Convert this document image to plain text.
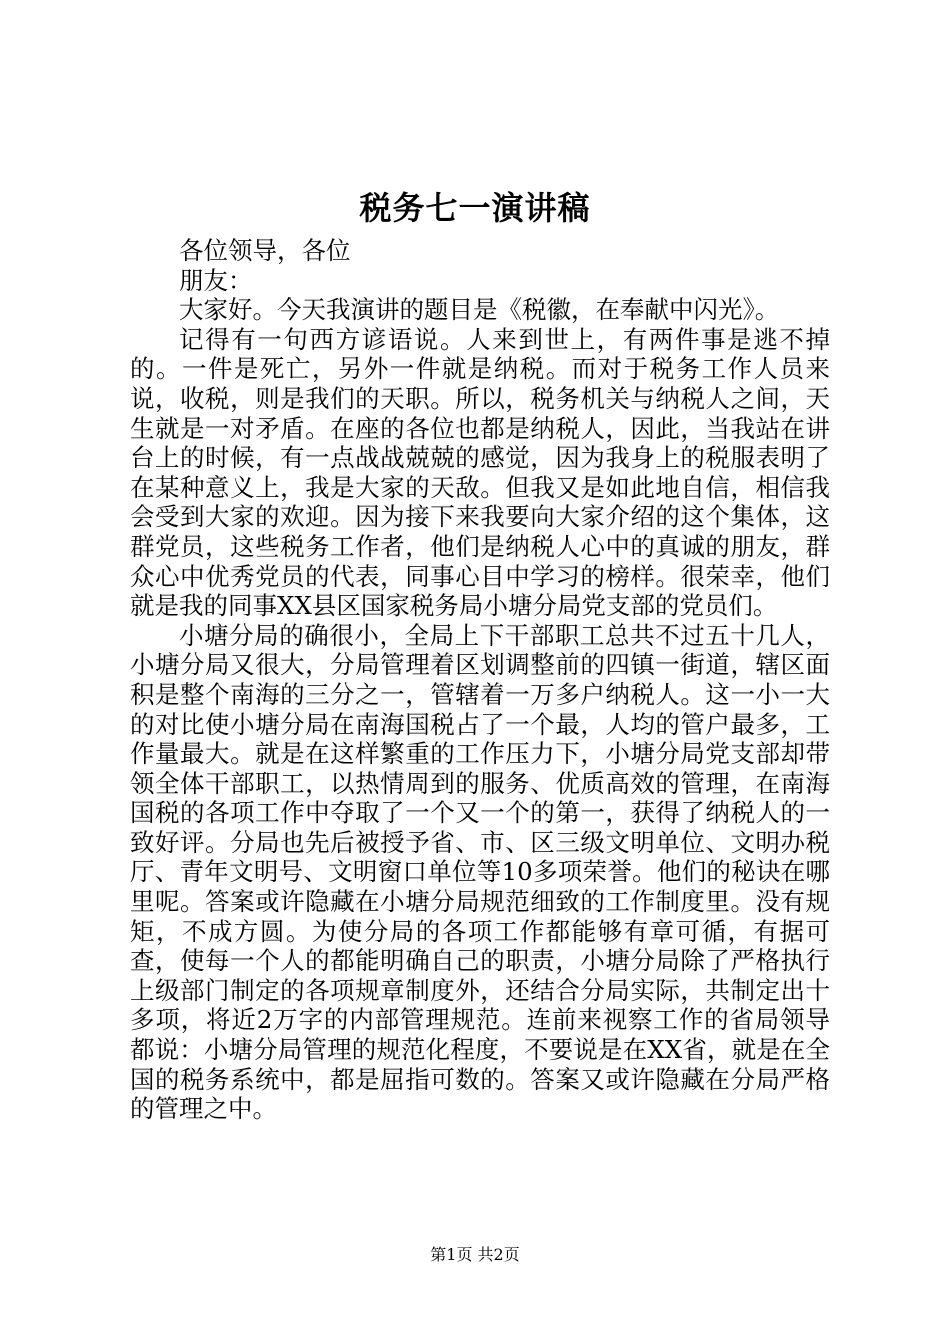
税务七一演讲稿

各位领导，各位

朋友：

大家好。今天我演讲的题目是《税徽，在奉献中闪光》。

记得有一句西方谚语说。人来到世上，有两件事是逃不掉的。一件是死亡，另外一件就是纳税。而对于税务工作人员来说，收税，则是我们的天职。所以，税务机关与纳税人之间，天生就是一对矛盾。在座的各位也都是纳税人，因此，当我站在讲台上的时候，有一点战战兢兢的感觉，因为我身上的税服表明了在某种意义上，我是大家的天敌。但我又是如此地自信，相信我会受到大家的欢迎。因为接下来我要向大家介绍的这个集体，这群党员，这些税务工作者，他们是纳税人心中的真诚的朋友，群众心中优秀党员的代表，同事心目中学习的榜样。很荣幸，他们就是我的同事XX县区国家税务局小塘分局党支部的党员们。

小塘分局的确很小，全局上下干部职工总共不过五十几人，小塘分局又很大，分局管理着区划调整前的四镇一街道，辖区面积是整个南海的三分之一，管辖着一万多户纳税人。这一小一大的对比使小塘分局在南海国税占了一个最，人均的管户最多，工作量最大。就是在这样繁重的工作压力下，小塘分局党支部却带领全体干部职工，以热情周到的服务、优质高效的管理，在南海国税的各项工作中夺取了一个又一个的第一，获得了纳税人的一致好评。分局也先后被授予省、市、区三级文明单位、文明办税厅、青年文明号、文明窗口单位等10多项荣誉。他们的秘诀在哪里呢。答案或许隐藏在小塘分局规范细致的工作制度里。没有规矩，不成方圆。为使分局的各项工作都能够有章可循，有据可查，使每一个人的都能明确自己的职责，小塘分局除了严格执行上级部门制定的各项规章制度外，还结合分局实际，共制定出十多项，将近2万字的内部管理规范。连前来视察工作的省局领导都说：小塘分局管理的规范化程度，不要说是在XX省，就是在全国的税务系统中，都是屈指可数的。答案又或许隐藏在分局严格的管理之中。

第1页 共2页
